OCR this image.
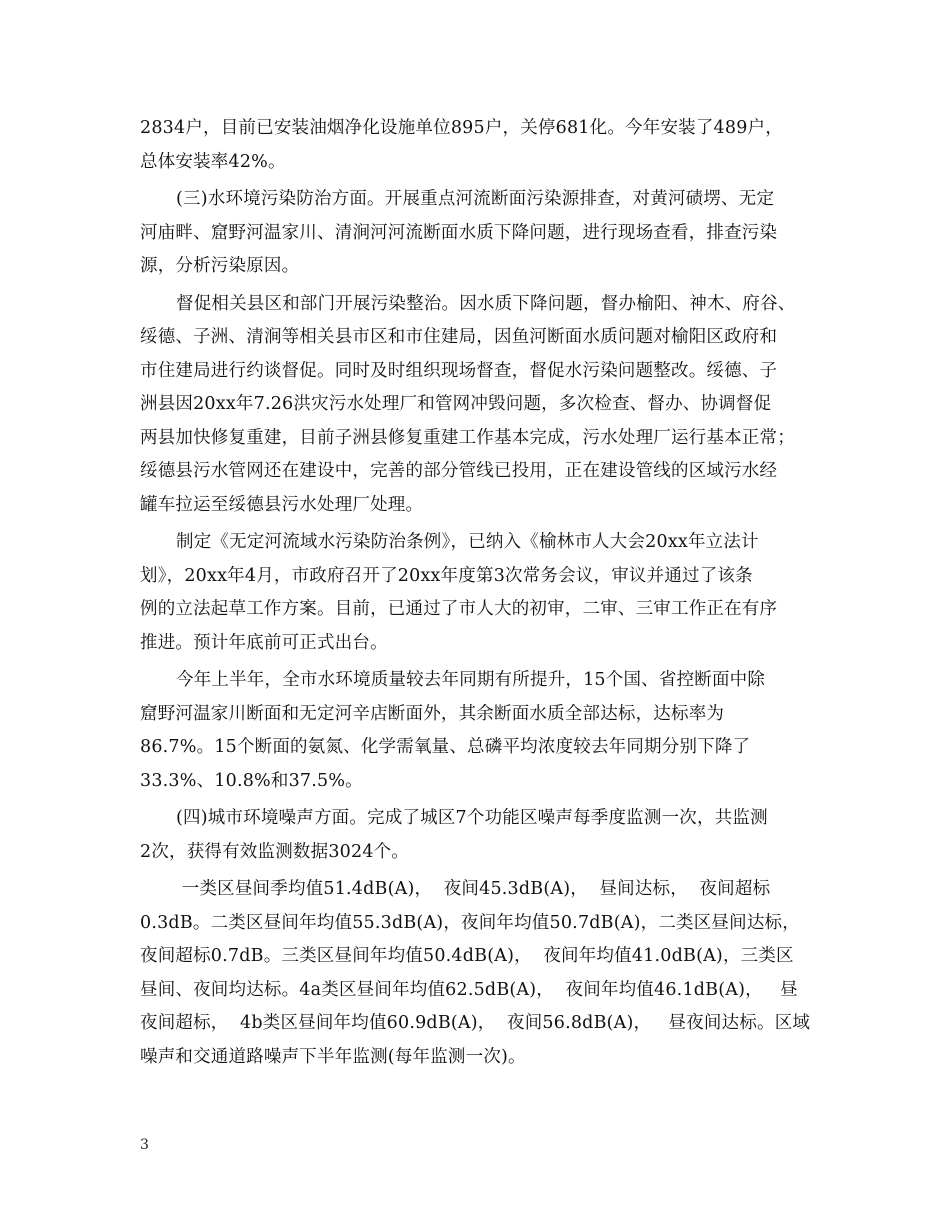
2834户，目前已安装油烟净化设施单位895户，关停681化。今年安装了489户，
总体安装率42%。

(三)水环境污染防治方面。开展重点河流断面污染源排查，对黄河碛塄、无定
河庙畔、窟野河温家川、清涧河河流断面水质下降问题，进行现场查看，排查污染
源，分析污染原因。

督促相关县区和部门开展污染整治。因水质下降问题，督办榆阳、神木、府谷、
绥德、子洲、清涧等相关县市区和市住建局，因鱼河断面水质问题对榆阳区政府和
市住建局进行约谈督促。同时及时组织现场督查，督促水污染问题整改。绥德、子
洲县因20xx年7.26洪灾污水处理厂和管网冲毁问题，多次检查、督办、协调督促
两县加快修复重建，目前子洲县修复重建工作基本完成，污水处理厂运行基本正常；
绥德县污水管网还在建设中，完善的部分管线已投用，正在建设管线的区域污水经
罐车拉运至绥德县污水处理厂处理。

制定《无定河流域水污染防治条例》，已纳入《榆林市人大会20xx年立法计
划》，20xx年4月，市政府召开了20xx年度第3次常务会议，审议并通过了该条
例的立法起草工作方案。目前，已通过了市人大的初审，二审、三审工作正在有序
推进。预计年底前可正式出台。

今年上半年，全市水环境质量较去年同期有所提升，15个国、省控断面中除
窟野河温家川断面和无定河辛店断面外，其余断面水质全部达标，达标率为
86.7%。15个断面的氨氮、化学需氧量、总磷平均浓度较去年同期分别下降了
33.3%、10.8%和37.5%。

(四)城市环境噪声方面。完成了城区7个功能区噪声每季度监测一次，共监测
2次，获得有效监测数据3024个。

一类区昼间季均值51.4dB(A)，  夜间45.3dB(A)，  昼间达标，  夜间超标
0.3dB。二类区昼间年均值55.3dB(A)，夜间年均值50.7dB(A)，二类区昼间达标，
夜间超标0.7dB。三类区昼间年均值50.4dB(A)，  夜间年均值41.0dB(A)，三类区
昼间、夜间均达标。4a类区昼间年均值62.5dB(A)，  夜间年均值46.1dB(A)，   昼
夜间超标，  4b类区昼间年均值60.9dB(A)，  夜间56.8dB(A)，   昼夜间达标。区域
噪声和交通道路噪声下半年监测(每年监测一次)。

3
